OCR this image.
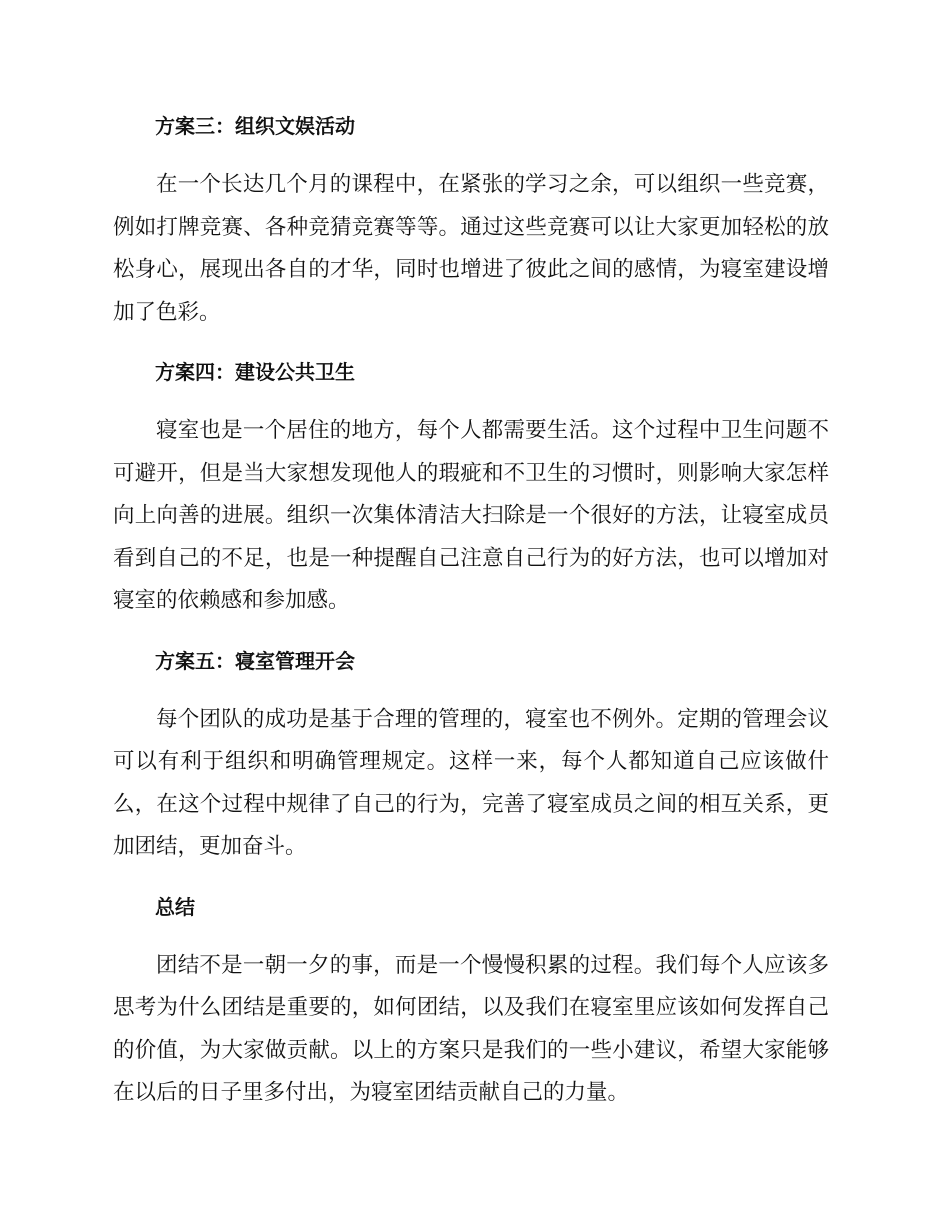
方案三：组织文娱活动

在一个长达几个月的课程中，在紧张的学习之余，可以组织一些竞赛，例如打牌竞赛、各种竞猜竞赛等等。通过这些竞赛可以让大家更加轻松的放松身心，展现出各自的才华，同时也增进了彼此之间的感情，为寝室建设增加了色彩。

方案四：建设公共卫生

寝室也是一个居住的地方，每个人都需要生活。这个过程中卫生问题不可避开，但是当大家想发现他人的瑕疵和不卫生的习惯时，则影响大家怎样向上向善的进展。组织一次集体清洁大扫除是一个很好的方法，让寝室成员看到自己的不足，也是一种提醒自己注意自己行为的好方法，也可以增加对寝室的依赖感和参加感。

方案五：寝室管理开会

每个团队的成功是基于合理的管理的，寝室也不例外。定期的管理会议可以有利于组织和明确管理规定。这样一来，每个人都知道自己应该做什么，在这个过程中规律了自己的行为，完善了寝室成员之间的相互关系，更加团结，更加奋斗。

总结

团结不是一朝一夕的事，而是一个慢慢积累的过程。我们每个人应该多思考为什么团结是重要的，如何团结，以及我们在寝室里应该如何发挥自己的价值，为大家做贡献。以上的方案只是我们的一些小建议，希望大家能够在以后的日子里多付出，为寝室团结贡献自己的力量。
